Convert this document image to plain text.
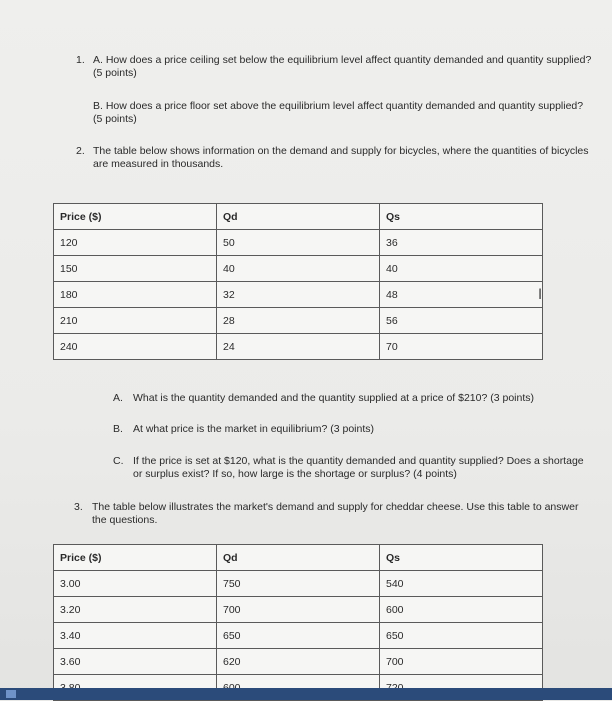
1. A. How does a price ceiling set below the equilibrium level affect quantity demanded and quantity supplied? (5 points)
B. How does a price floor set above the equilibrium level affect quantity demanded and quantity supplied? (5 points)
2. The table below shows information on the demand and supply for bicycles, where the quantities of bicycles are measured in thousands.
Price ($)	Qd	Qs
120	50	36
150	40	40
180	32	48
210	28	56
240	24	70
I
A. What is the quantity demanded and the quantity supplied at a price of $210? (3 points)
B. At what price is the market in equilibrium? (3 points)
C. If the price is set at $120, what is the quantity demanded and quantity supplied? Does a shortage or surplus exist? If so, how large is the shortage or surplus? (4 points)
3. The table below illustrates the market's demand and supply for cheddar cheese. Use this table to answer the questions.
Price ($)	Qd	Qs
3.00	750	540
3.20	700	600
3.40	650	650
3.60	620	700
